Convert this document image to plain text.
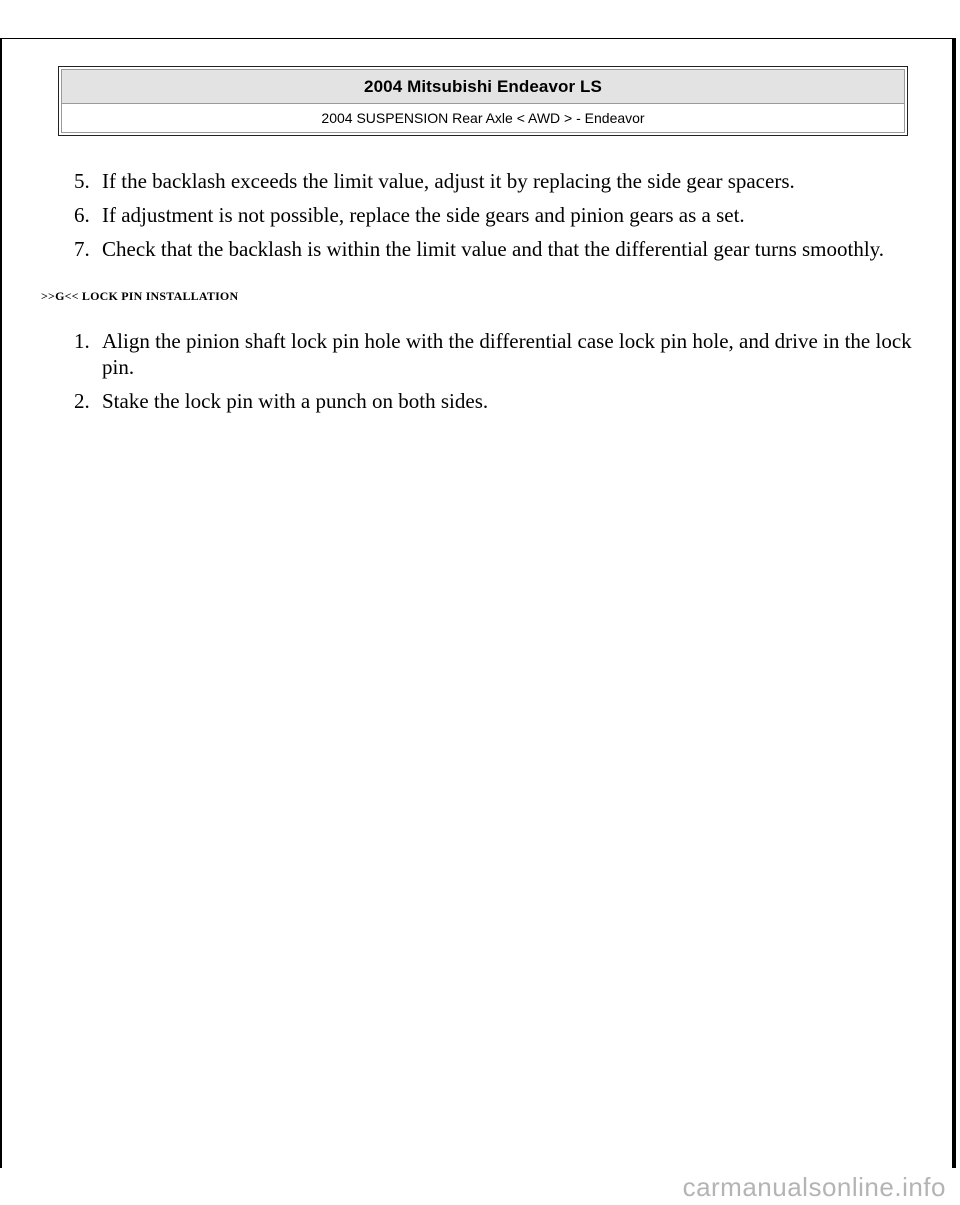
2004 Mitsubishi Endeavor LS
2004 SUSPENSION Rear Axle < AWD > - Endeavor
5. If the backlash exceeds the limit value, adjust it by replacing the side gear spacers.
6. If adjustment is not possible, replace the side gears and pinion gears as a set.
7. Check that the backlash is within the limit value and that the differential gear turns smoothly.
>>G<< LOCK PIN INSTALLATION
1. Align the pinion shaft lock pin hole with the differential case lock pin hole, and drive in the lock pin.
2. Stake the lock pin with a punch on both sides.
carmanualsonline.info
